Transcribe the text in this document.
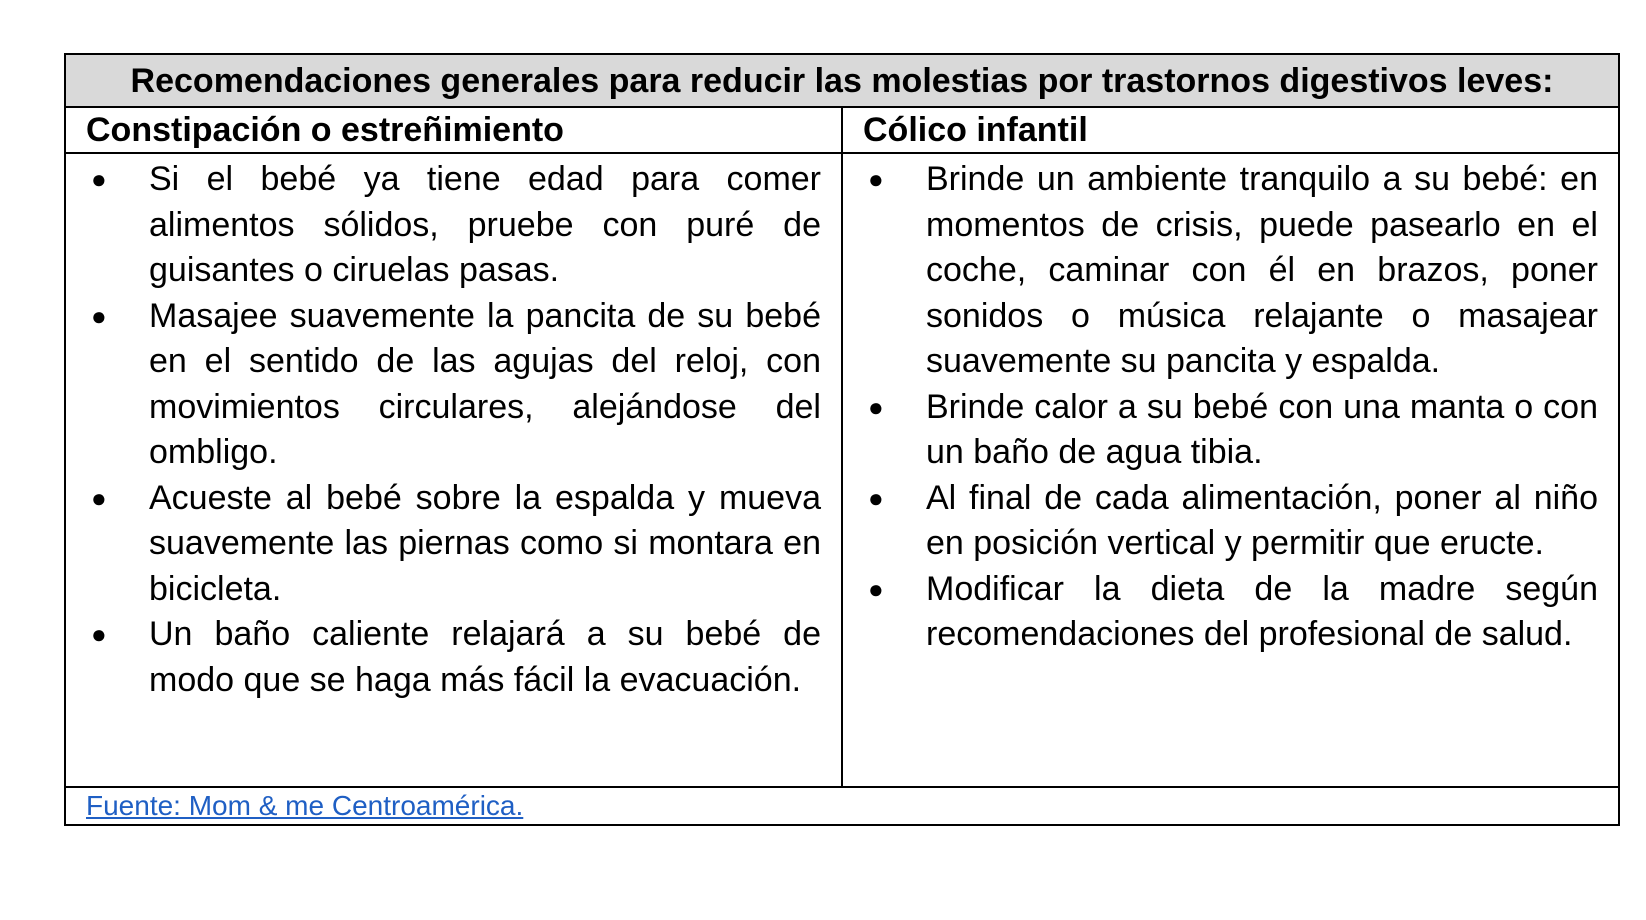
Recomendaciones generales para reducir las molestias por trastornos digestivos leves:
Constipación o estreñimiento	Cólico infantil
● Si el bebé ya tiene edad para comer alimentos sólidos, pruebe con puré de guisantes o ciruelas pasas.
● Masajee suavemente la pancita de su bebé en el sentido de las agujas del reloj, con movimientos circulares, alejándose del ombligo.
● Acueste al bebé sobre la espalda y mueva suavemente las piernas como si montara en bicicleta.
● Un baño caliente relajará a su bebé de modo que se haga más fácil la evacuación.
● Brinde un ambiente tranquilo a su bebé: en momentos de crisis, puede pasearlo en el coche, caminar con él en brazos, poner sonidos o música relajante o masajear suavemente su pancita y espalda.
● Brinde calor a su bebé con una manta o con un baño de agua tibia.
● Al final de cada alimentación, poner al niño en posición vertical y permitir que eructe.
● Modificar la dieta de la madre según recomendaciones del profesional de salud.
Fuente: Mom & me Centroamérica.
